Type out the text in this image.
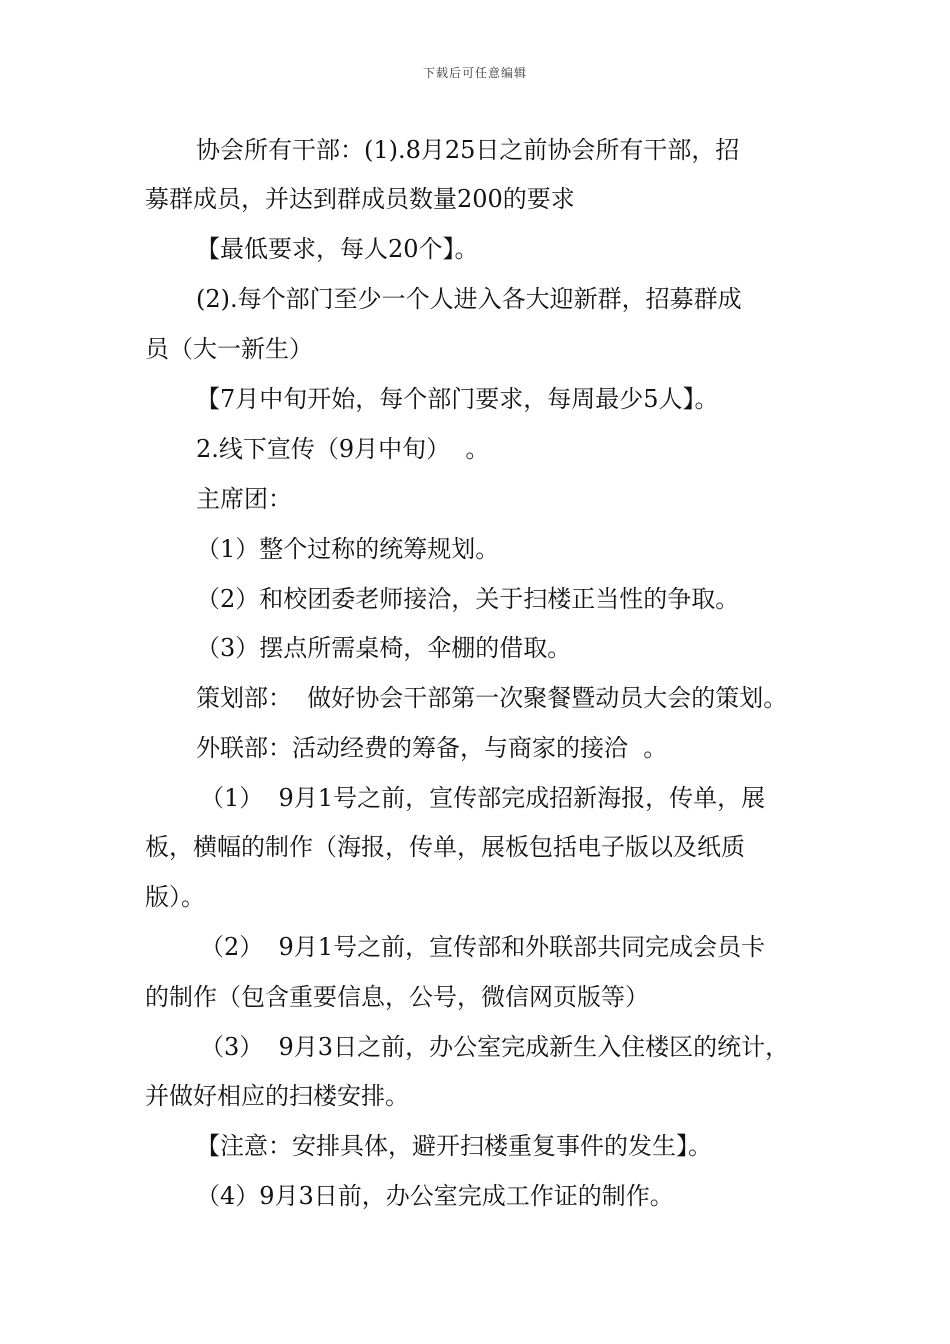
下载后可任意编辑
协会所有干部：(1).8月25日之前协会所有干部，招
募群成员，并达到群成员数量200的要求
【最低要求，每人20个】。
(2).每个部门至少一个人进入各大迎新群，招募群成
员（大一新生）
【7月中旬开始，每个部门要求，每周最少5人】。
2.线下宣传（9月中旬）  。
主席团：
（1）整个过称的统筹规划。
（2）和校团委老师接洽，关于扫楼正当性的争取。
（3）摆点所需桌椅，伞棚的借取。
策划部：  做好协会干部第一次聚餐暨动员大会的策划。
外联部：活动经费的筹备，与商家的接洽  。
（1）  9月1号之前，宣传部完成招新海报，传单，展
板，横幅的制作（海报，传单，展板包括电子版以及纸质
版）。
（2）  9月1号之前，宣传部和外联部共同完成会员卡
的制作（包含重要信息，公号，微信网页版等）
（3）  9月3日之前，办公室完成新生入住楼区的统计，
并做好相应的扫楼安排。
【注意：安排具体，避开扫楼重复事件的发生】。
（4）9月3日前，办公室完成工作证的制作。
